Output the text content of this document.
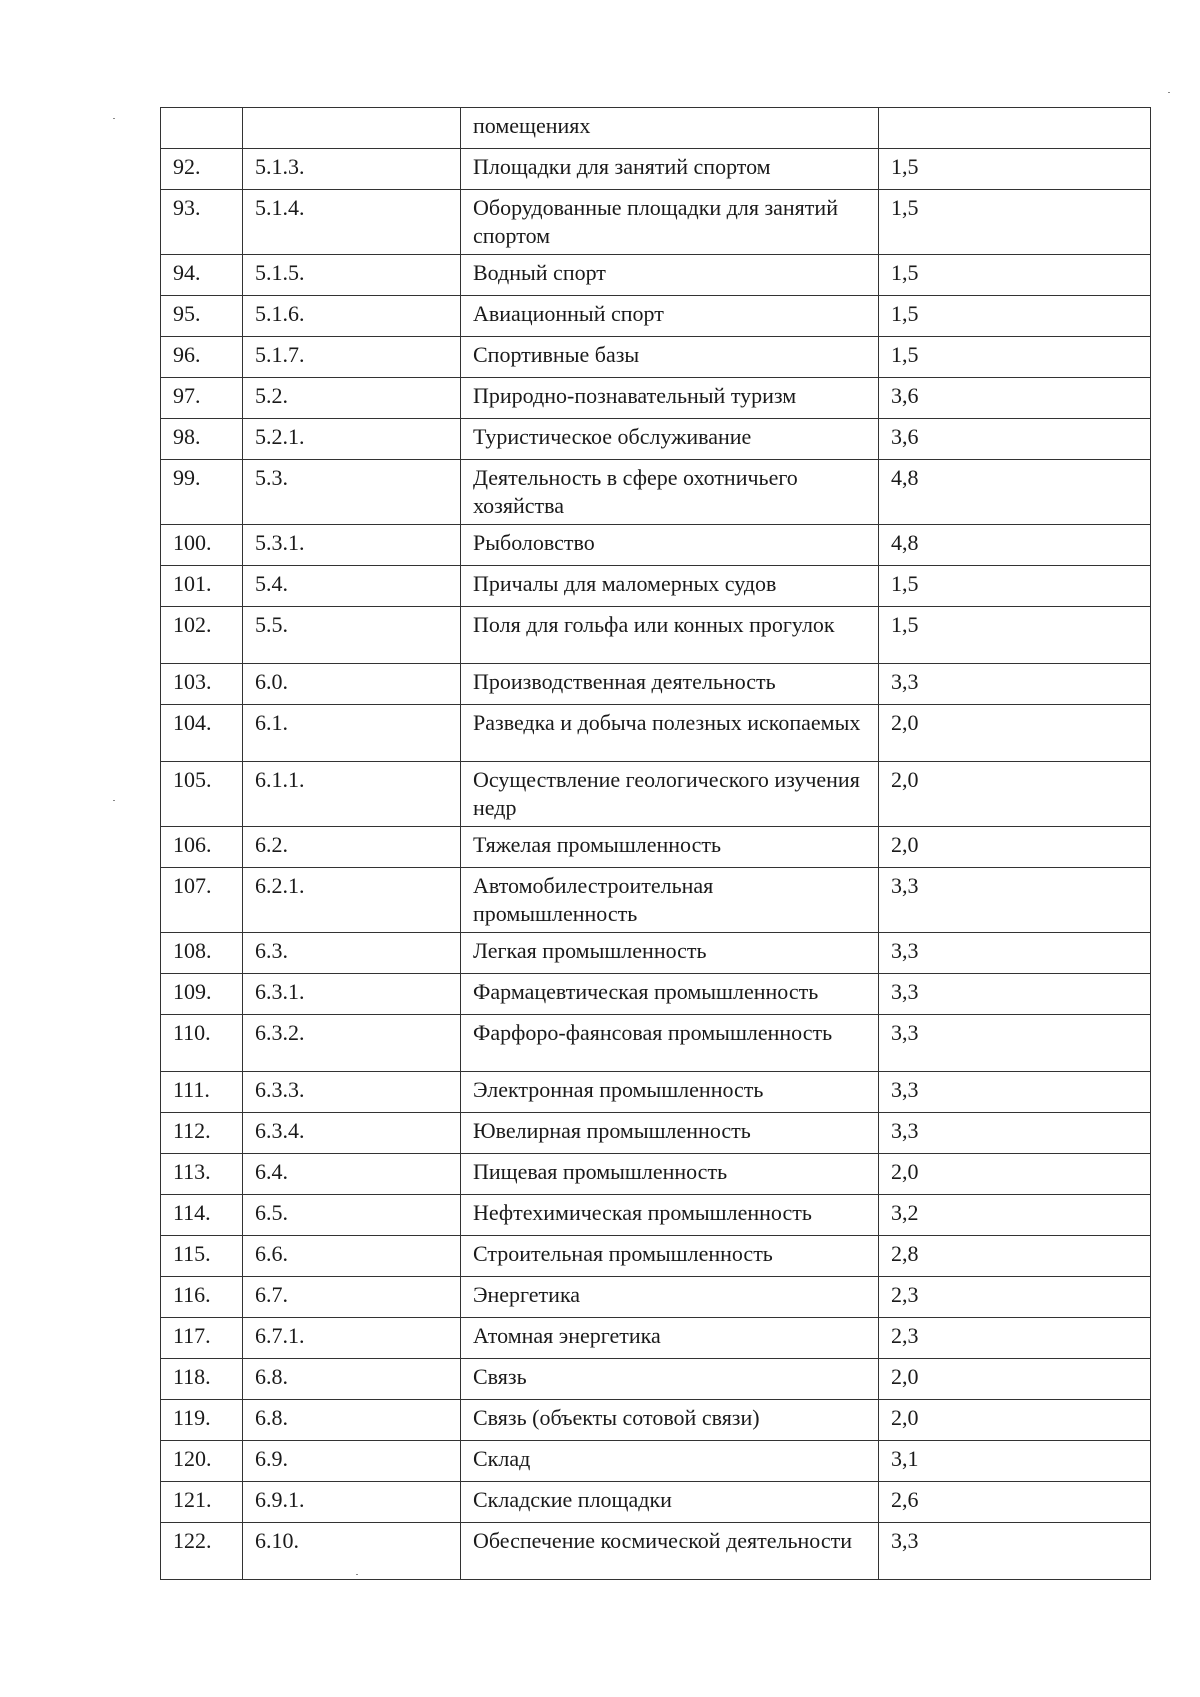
		помещениях	
92.	5.1.3.	Площадки для занятий спортом	1,5
93.	5.1.4.	Оборудованные площадки для занятий спортом	1,5
94.	5.1.5.	Водный спорт	1,5
95.	5.1.6.	Авиационный спорт	1,5
96.	5.1.7.	Спортивные базы	1,5
97.	5.2.	Природно-познавательный туризм	3,6
98.	5.2.1.	Туристическое обслуживание	3,6
99.	5.3.	Деятельность в сфере охотничьего хозяйства	4,8
100.	5.3.1.	Рыболовство	4,8
101.	5.4.	Причалы для маломерных судов	1,5
102.	5.5.	Поля для гольфа или конных прогулок	1,5
103.	6.0.	Производственная деятельность	3,3
104.	6.1.	Разведка и добыча полезных ископаемых	2,0
105.	6.1.1.	Осуществление геологического изучения недр	2,0
106.	6.2.	Тяжелая промышленность	2,0
107.	6.2.1.	Автомобилестроительная промышленность	3,3
108.	6.3.	Легкая промышленность	3,3
109.	6.3.1.	Фармацевтическая промышленность	3,3
110.	6.3.2.	Фарфоро-фаянсовая промышленность	3,3
111.	6.3.3.	Электронная промышленность	3,3
112.	6.3.4.	Ювелирная промышленность	3,3
113.	6.4.	Пищевая промышленность	2,0
114.	6.5.	Нефтехимическая промышленность	3,2
115.	6.6.	Строительная промышленность	2,8
116.	6.7.	Энергетика	2,3
117.	6.7.1.	Атомная энергетика	2,3
118.	6.8.	Связь	2,0
119.	6.8.	Связь (объекты сотовой связи)	2,0
120.	6.9.	Склад	3,1
121.	6.9.1.	Складские площадки	2,6
122.	6.10.	Обеспечение космической деятельности	3,3
